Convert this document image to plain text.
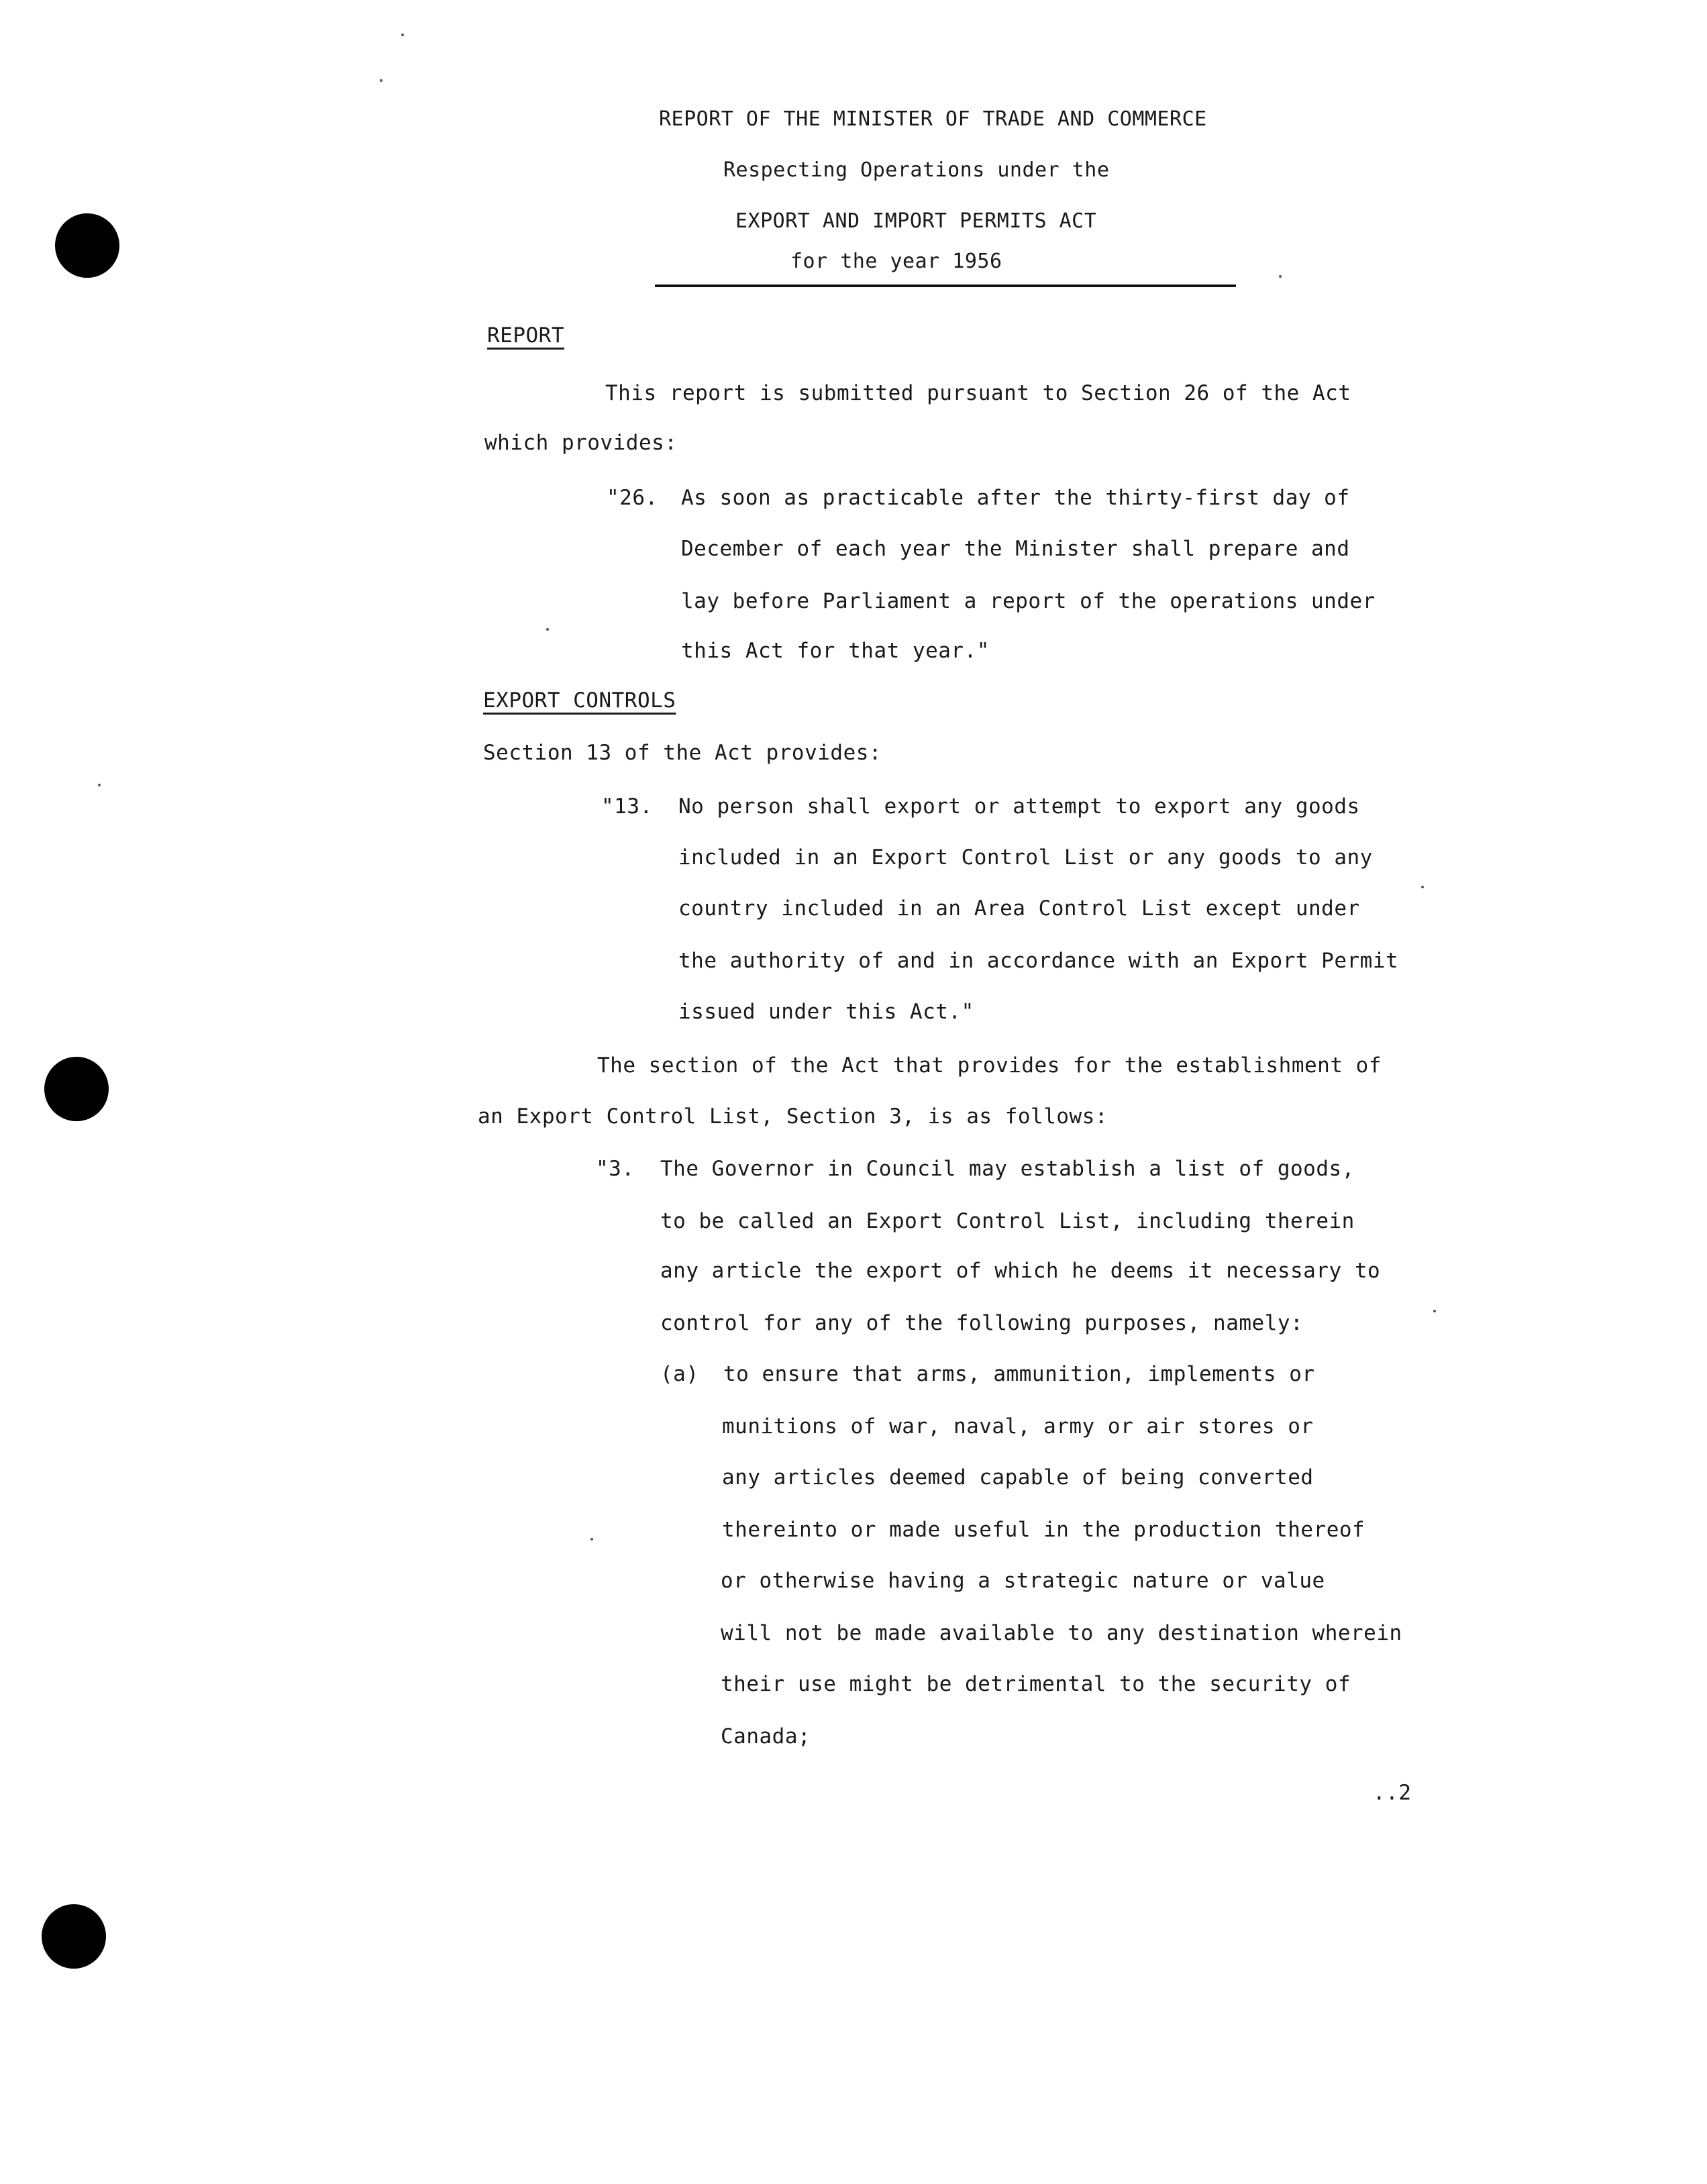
REPORT OF THE MINISTER OF TRADE AND COMMERCE
Respecting Operations under the
EXPORT AND IMPORT PERMITS ACT
for the year 1956
REPORT
This report is submitted pursuant to Section 26 of the Act
which provides:
"26. As soon as practicable after the thirty-first day of
December of each year the Minister shall prepare and
lay before Parliament a report of the operations under
this Act for that year."
EXPORT CONTROLS
Section 13 of the Act provides:
"13. No person shall export or attempt to export any goods
included in an Export Control List or any goods to any
country included in an Area Control List except under
the authority of and in accordance with an Export Permit
issued under this Act."
The section of the Act that provides for the establishment of
an Export Control List, Section 3, is as follows:
"3. The Governor in Council may establish a list of goods,
to be called an Export Control List, including therein
any article the export of which he deems it necessary to
control for any of the following purposes, namely:
(a) to ensure that arms, ammunition, implements or
munitions of war, naval, army or air stores or
any articles deemed capable of being converted
thereinto or made useful in the production thereof
or otherwise having a strategic nature or value
will not be made available to any destination wherein
their use might be detrimental to the security of
Canada;
..2
